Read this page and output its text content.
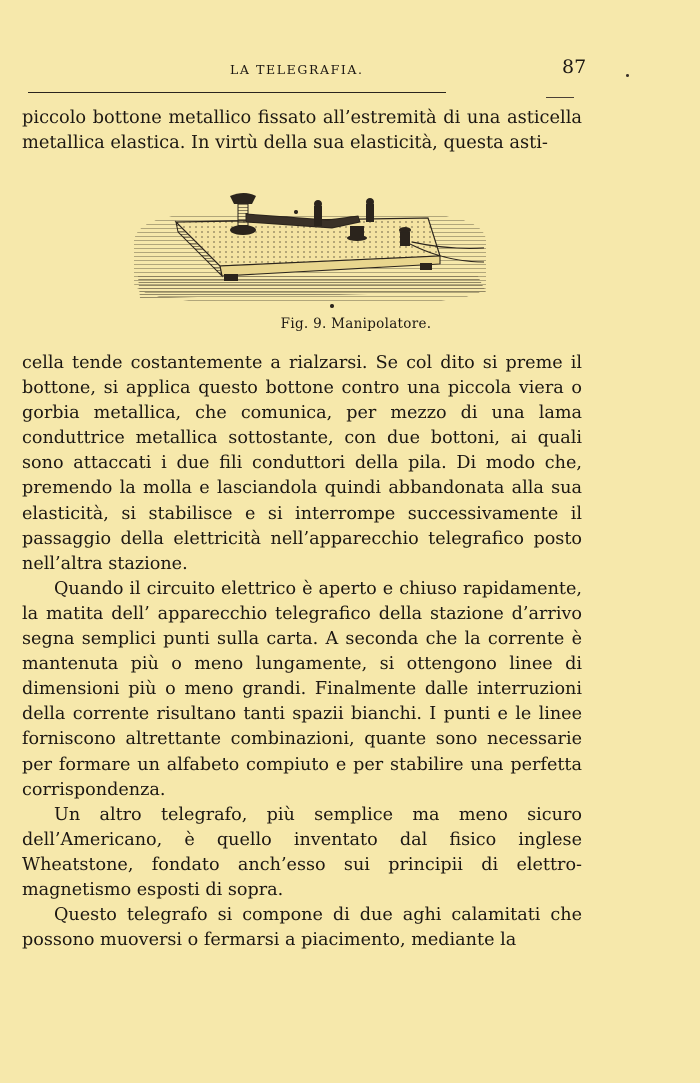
LA TELEGRAFIA.	87

piccolo bottone metallico fissato all’estremità di una asticella metallica elastica. In virtù della sua elasticità, questa asti-

Fig. 9. Manipolatore.

cella tende costantemente a rialzarsi. Se col dito si preme il bottone, si applica questo bottone contro una piccola viera o gorbia metallica, che comunica, per mezzo di una lama conduttrice metallica sottostante, con due bottoni, ai quali sono attaccati i due fili conduttori della pila. Di modo che, premendo la molla e lasciandola quindi abbandonata alla sua elasticità, si stabilisce e si interrompe successivamente il passaggio della elettricità nell’apparecchio telegrafico posto nell’altra stazione.

Quando il circuito elettrico è aperto e chiuso rapidamente, la matita dell’ apparecchio telegrafico della stazione d’arrivo segna semplici punti sulla carta. A seconda che la corrente è mantenuta più o meno lungamente, si ottengono linee di dimensioni più o meno grandi. Finalmente dalle interruzioni della corrente risultano tanti spazii bianchi. I punti e le linee forniscono altrettante combinazioni, quante sono necessarie per formare un alfabeto compiuto e per stabilire una perfetta corrispondenza.

Un altro telegrafo, più semplice ma meno sicuro dell’Americano, è quello inventato dal fisico inglese Wheatstone, fondato anch’esso sui principii di elettro-magnetismo esposti di sopra.

Questo telegrafo si compone di due aghi calamitati che possono muoversi o fermarsi a piacimento, mediante la
